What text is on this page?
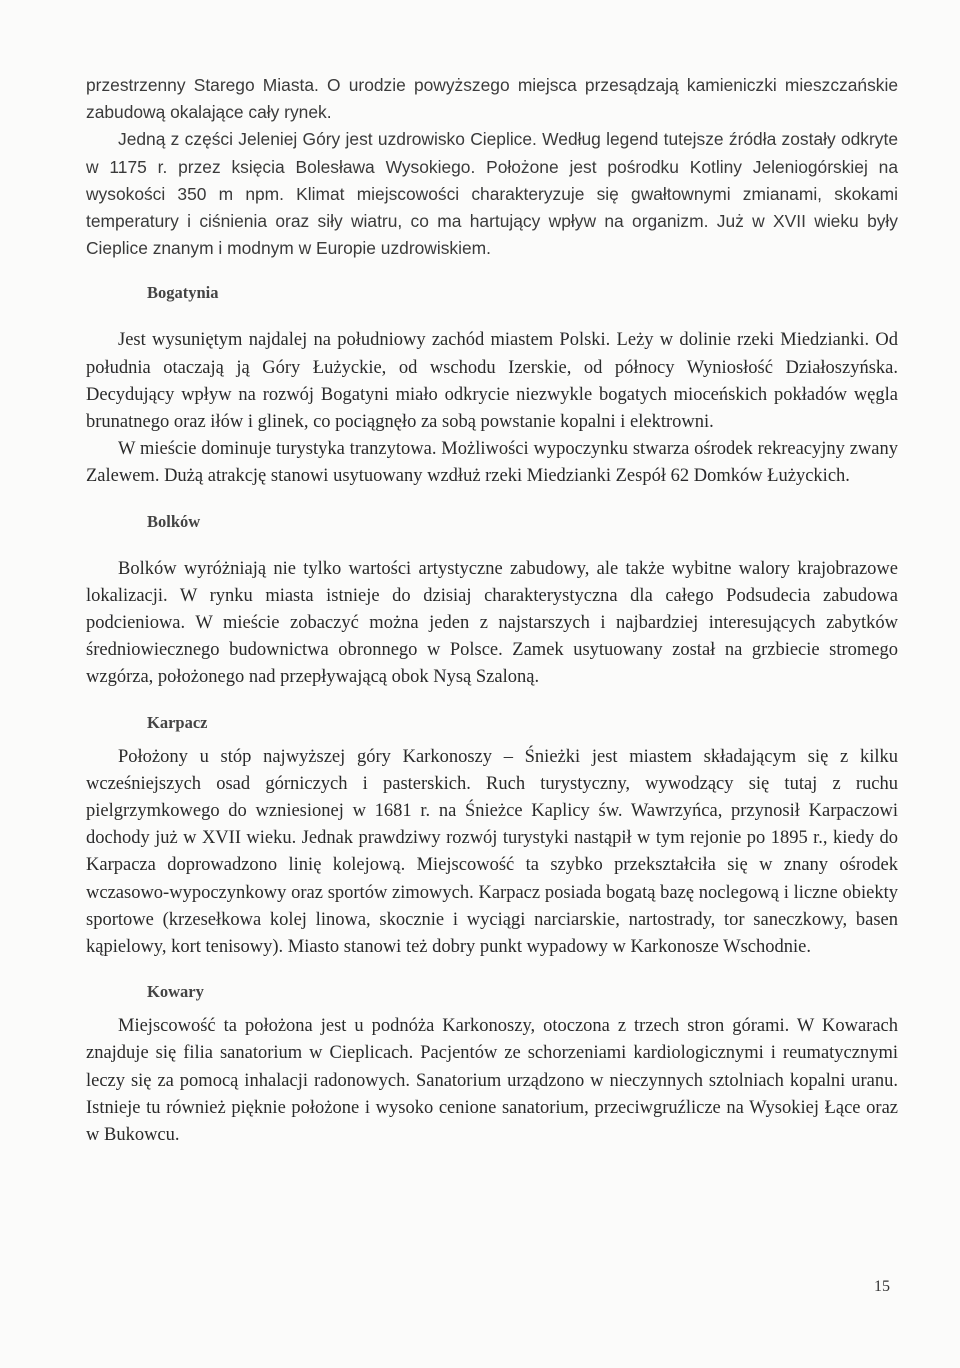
przestrzenny Starego Miasta. O urodzie powyższego miejsca przesądzają kamieniczki mieszczańskie zabudową okalające cały rynek.

Jedną z części Jeleniej Góry jest uzdrowisko Cieplice. Według legend tutejsze źródła zostały odkryte w 1175 r. przez księcia Bolesława Wysokiego. Położone jest pośrodku Kotliny Jeleniogórskiej na wysokości 350 m npm. Klimat miejscowości charakteryzuje się gwałtownymi zmianami, skokami temperatury i ciśnienia oraz siły wiatru, co ma hartujący wpływ na organizm. Już w XVII wieku były Cieplice znanym i modnym w Europie uzdrowiskiem.

Bogatynia

Jest wysuniętym najdalej na południowy zachód miastem Polski. Leży w dolinie rzeki Miedzianki. Od południa otaczają ją Góry Łużyckie, od wschodu Izerskie, od północy Wyniosłość Działoszyńska. Decydujący wpływ na rozwój Bogatyni miało odkrycie niezwykle bogatych mioceńskich pokładów węgla brunatnego oraz iłów i glinek, co pociągnęło za sobą powstanie kopalni i elektrowni.

W mieście dominuje turystyka tranzytowa. Możliwości wypoczynku stwarza ośrodek rekreacyjny zwany Zalewem. Dużą atrakcję stanowi usytuowany wzdłuż rzeki Miedzianki Zespół 62 Domków Łużyckich.

Bolków

Bolków wyróżniają nie tylko wartości artystyczne zabudowy, ale także wybitne walory krajobrazowe lokalizacji. W rynku miasta istnieje do dzisiaj charakterystyczna dla całego Podsudecia zabudowa podcieniowa. W mieście zobaczyć można jeden z najstarszych i najbardziej interesujących zabytków średniowiecznego budownictwa obronnego w Polsce. Zamek usytuowany został na grzbiecie stromego wzgórza, położonego nad przepływającą obok Nysą Szaloną.

Karpacz

Położony u stóp najwyższej góry Karkonoszy – Śnieżki jest miastem składającym się z kilku wcześniejszych osad górniczych i pasterskich. Ruch turystyczny, wywodzący się tutaj z ruchu pielgrzymkowego do wzniesionej w 1681 r. na Śnieżce Kaplicy św. Wawrzyńca, przynosił Karpaczowi dochody już w XVII wieku. Jednak prawdziwy rozwój turystyki nastąpił w tym rejonie po 1895 r., kiedy do Karpacza doprowadzono linię kolejową. Miejscowość ta szybko przekształciła się w znany ośrodek wczasowo-wypoczynkowy oraz sportów zimowych. Karpacz posiada bogatą bazę noclegową i liczne obiekty sportowe (krzesełkowa kolej linowa, skocznie i wyciągi narciarskie, nartostrady, tor saneczkowy, basen kąpielowy, kort tenisowy). Miasto stanowi też dobry punkt wypadowy w Karkonosze Wschodnie.

Kowary

Miejscowość ta położona jest u podnóża Karkonoszy, otoczona z trzech stron górami. W Kowarach znajduje się filia sanatorium w Cieplicach. Pacjentów ze schorzeniami kardiologicznymi i reumatycznymi leczy się za pomocą inhalacji radonowych. Sanatorium urządzono w nieczynnych sztolniach kopalni uranu. Istnieje tu również pięknie położone i wysoko cenione sanatorium, przeciwgruźlicze na Wysokiej Łące oraz w Bukowcu.

15
